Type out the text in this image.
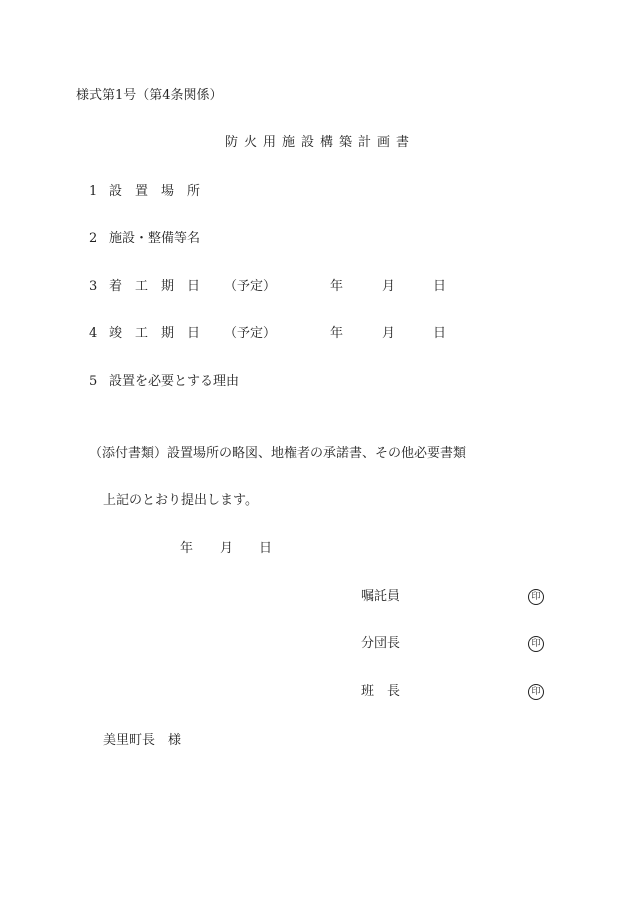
様式第1号（第4条関係）
防火用施設構築計画書
1 設　置　場　所
2 施設・整備等名
3 着　工　期　日 （予定）	年	月	日
4 竣　工　期　日 （予定）	年	月	日
5 設置を必要とする理由
（添付書類）設置場所の略図、地権者の承諾書、その他必要書類
上記のとおり提出します。
年 月 日
嘱託員	印
分団長	印
班　長	印
美里町長　様
